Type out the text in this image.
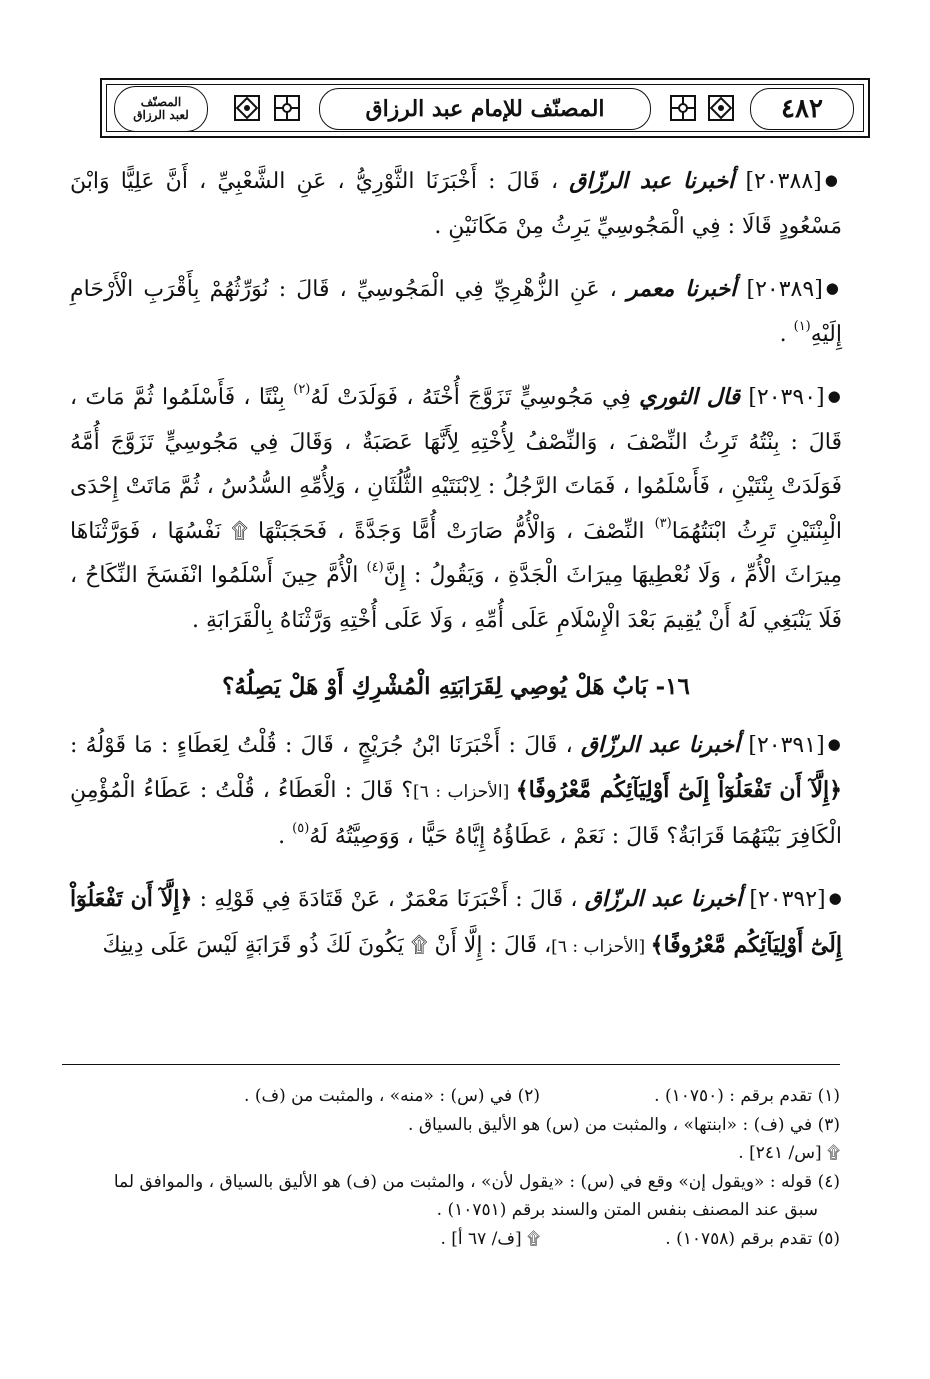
٤٨٢
المصنّف للإمام عبد الرزاق
المصنّف
لعبد الرزاق

●[٢٠٣٨٨] أخبرنا عبد الرزّاق ، قَالَ : أَخْبَرَنَا الثَّوْرِيُّ ، عَنِ الشَّعْبِيِّ ، أَنَّ عَلِيًّا وَابْنَ مَسْعُودٍ قَالَا : فِي الْمَجُوسِيِّ يَرِثُ مِنْ مَكَانَيْنِ .

●[٢٠٣٨٩] أخبرنا معمر ، عَنِ الزُّهْرِيِّ فِي الْمَجُوسِيِّ ، قَالَ : نُوَرِّثُهُمْ بِأَقْرَبِ الْأَرْحَامِ إِلَيْهِ$^{(١)}$ .

●[٢٠٣٩٠] قال الثوري فِي مَجُوسِيٍّ تَزَوَّجَ أُخْتَهُ ، فَوَلَدَتْ لَهُ$^{(٢)}$ بِنْتًا ، فَأَسْلَمُوا ثُمَّ مَاتَ ، قَالَ : بِنْتُهُ تَرِثُ النِّصْفَ ، وَالنِّصْفُ لِأُخْتِهِ لِأَنَّهَا عَصَبَةٌ ، وَقَالَ فِي مَجُوسِيٍّ تَزَوَّجَ أُمَّهُ فَوَلَدَتْ بِنْتَيْنِ ، فَأَسْلَمُوا ، فَمَاتَ الرَّجُلُ : لِابْنَتَيْهِ الثُّلُثَانِ ، وَلِأُمِّهِ السُّدُسُ ، ثُمَّ مَاتَتْ إِحْدَى الْبِنْتَيْنِ تَرِثُ ابْنَتُهُمَا$^{(٣)}$ النِّصْفَ ، وَالْأُمُّ صَارَتْ أُمًّا وَجَدَّةً ، فَحَجَبَتْهَا ۩ نَفْسُهَا ، فَوَرَّثْنَاهَا مِيرَاثَ الْأُمِّ ، وَلَا نُعْطِيهَا مِيرَاثَ الْجَدَّةِ ، وَيَقُولُ : إِنَّ$^{(٤)}$ الْأُمَّ حِينَ أَسْلَمُوا انْفَسَخَ النِّكَاحُ ، فَلَا يَنْبَغِي لَهُ أَنْ يُقِيمَ بَعْدَ الْإِسْلَامِ عَلَى أُمِّهِ ، وَلَا عَلَى أُخْتِهِ وَرَّثْنَاهُ بِالْقَرَابَةِ .

١٦- بَابٌ هَلْ يُوصِي لِقَرَابَتِهِ الْمُشْرِكِ أَوْ هَلْ يَصِلُهُ؟

●[٢٠٣٩١] أخبرنا عبد الرزّاق ، قَالَ : أَخْبَرَنَا ابْنُ جُرَيْجٍ ، قَالَ : قُلْتُ لِعَطَاءٍ : مَا قَوْلُهُ : ﴿إِلَّآ أَن تَفْعَلُوٓاْ إِلَىٰٓ أَوْلِيَآئِكُم مَّعْرُوفًا﴾ [الأحزاب : ٦]؟ قَالَ : الْعَطَاءُ ، قُلْتُ : عَطَاءُ الْمُؤْمِنِ الْكَافِرَ بَيْنَهُمَا قَرَابَةٌ؟ قَالَ : نَعَمْ ، عَطَاؤُهُ إِيَّاهُ حَيًّا ، وَوَصِيَّتُهُ لَهُ$^{(٥)}$ .

●[٢٠٣٩٢] أخبرنا عبد الرزّاق ، قَالَ : أَخْبَرَنَا مَعْمَرٌ ، عَنْ قَتَادَةَ فِي قَوْلِهِ : ﴿إِلَّآ أَن تَفْعَلُوٓاْ إِلَىٰٓ أَوْلِيَآئِكُم مَّعْرُوفًا﴾ [الأحزاب : ٦]، قَالَ : إِلَّا أَنْ ۩ يَكُونَ لَكَ ذُو قَرَابَةٍ لَيْسَ عَلَى دِينِكَ

(١) تقدم برقم : (١٠٧٥٠) .
(٢) في (س) : «منه» ، والمثبت من (ف) .

(٣) في (ف) : «ابنتها» ، والمثبت من (س) هو الأليق بالسياق .

۩ [س/ ٢٤١] .

(٤) قوله : «ويقول إن» وقع في (س) : «يقول لأن» ، والمثبت من (ف) هو الأليق بالسياق ، والموافق لما

سبق عند المصنف بنفس المتن والسند برقم (١٠٧٥١) .

(٥) تقدم برقم (١٠٧٥٨) .
۩ [ف/ ٦٧ أ] .
